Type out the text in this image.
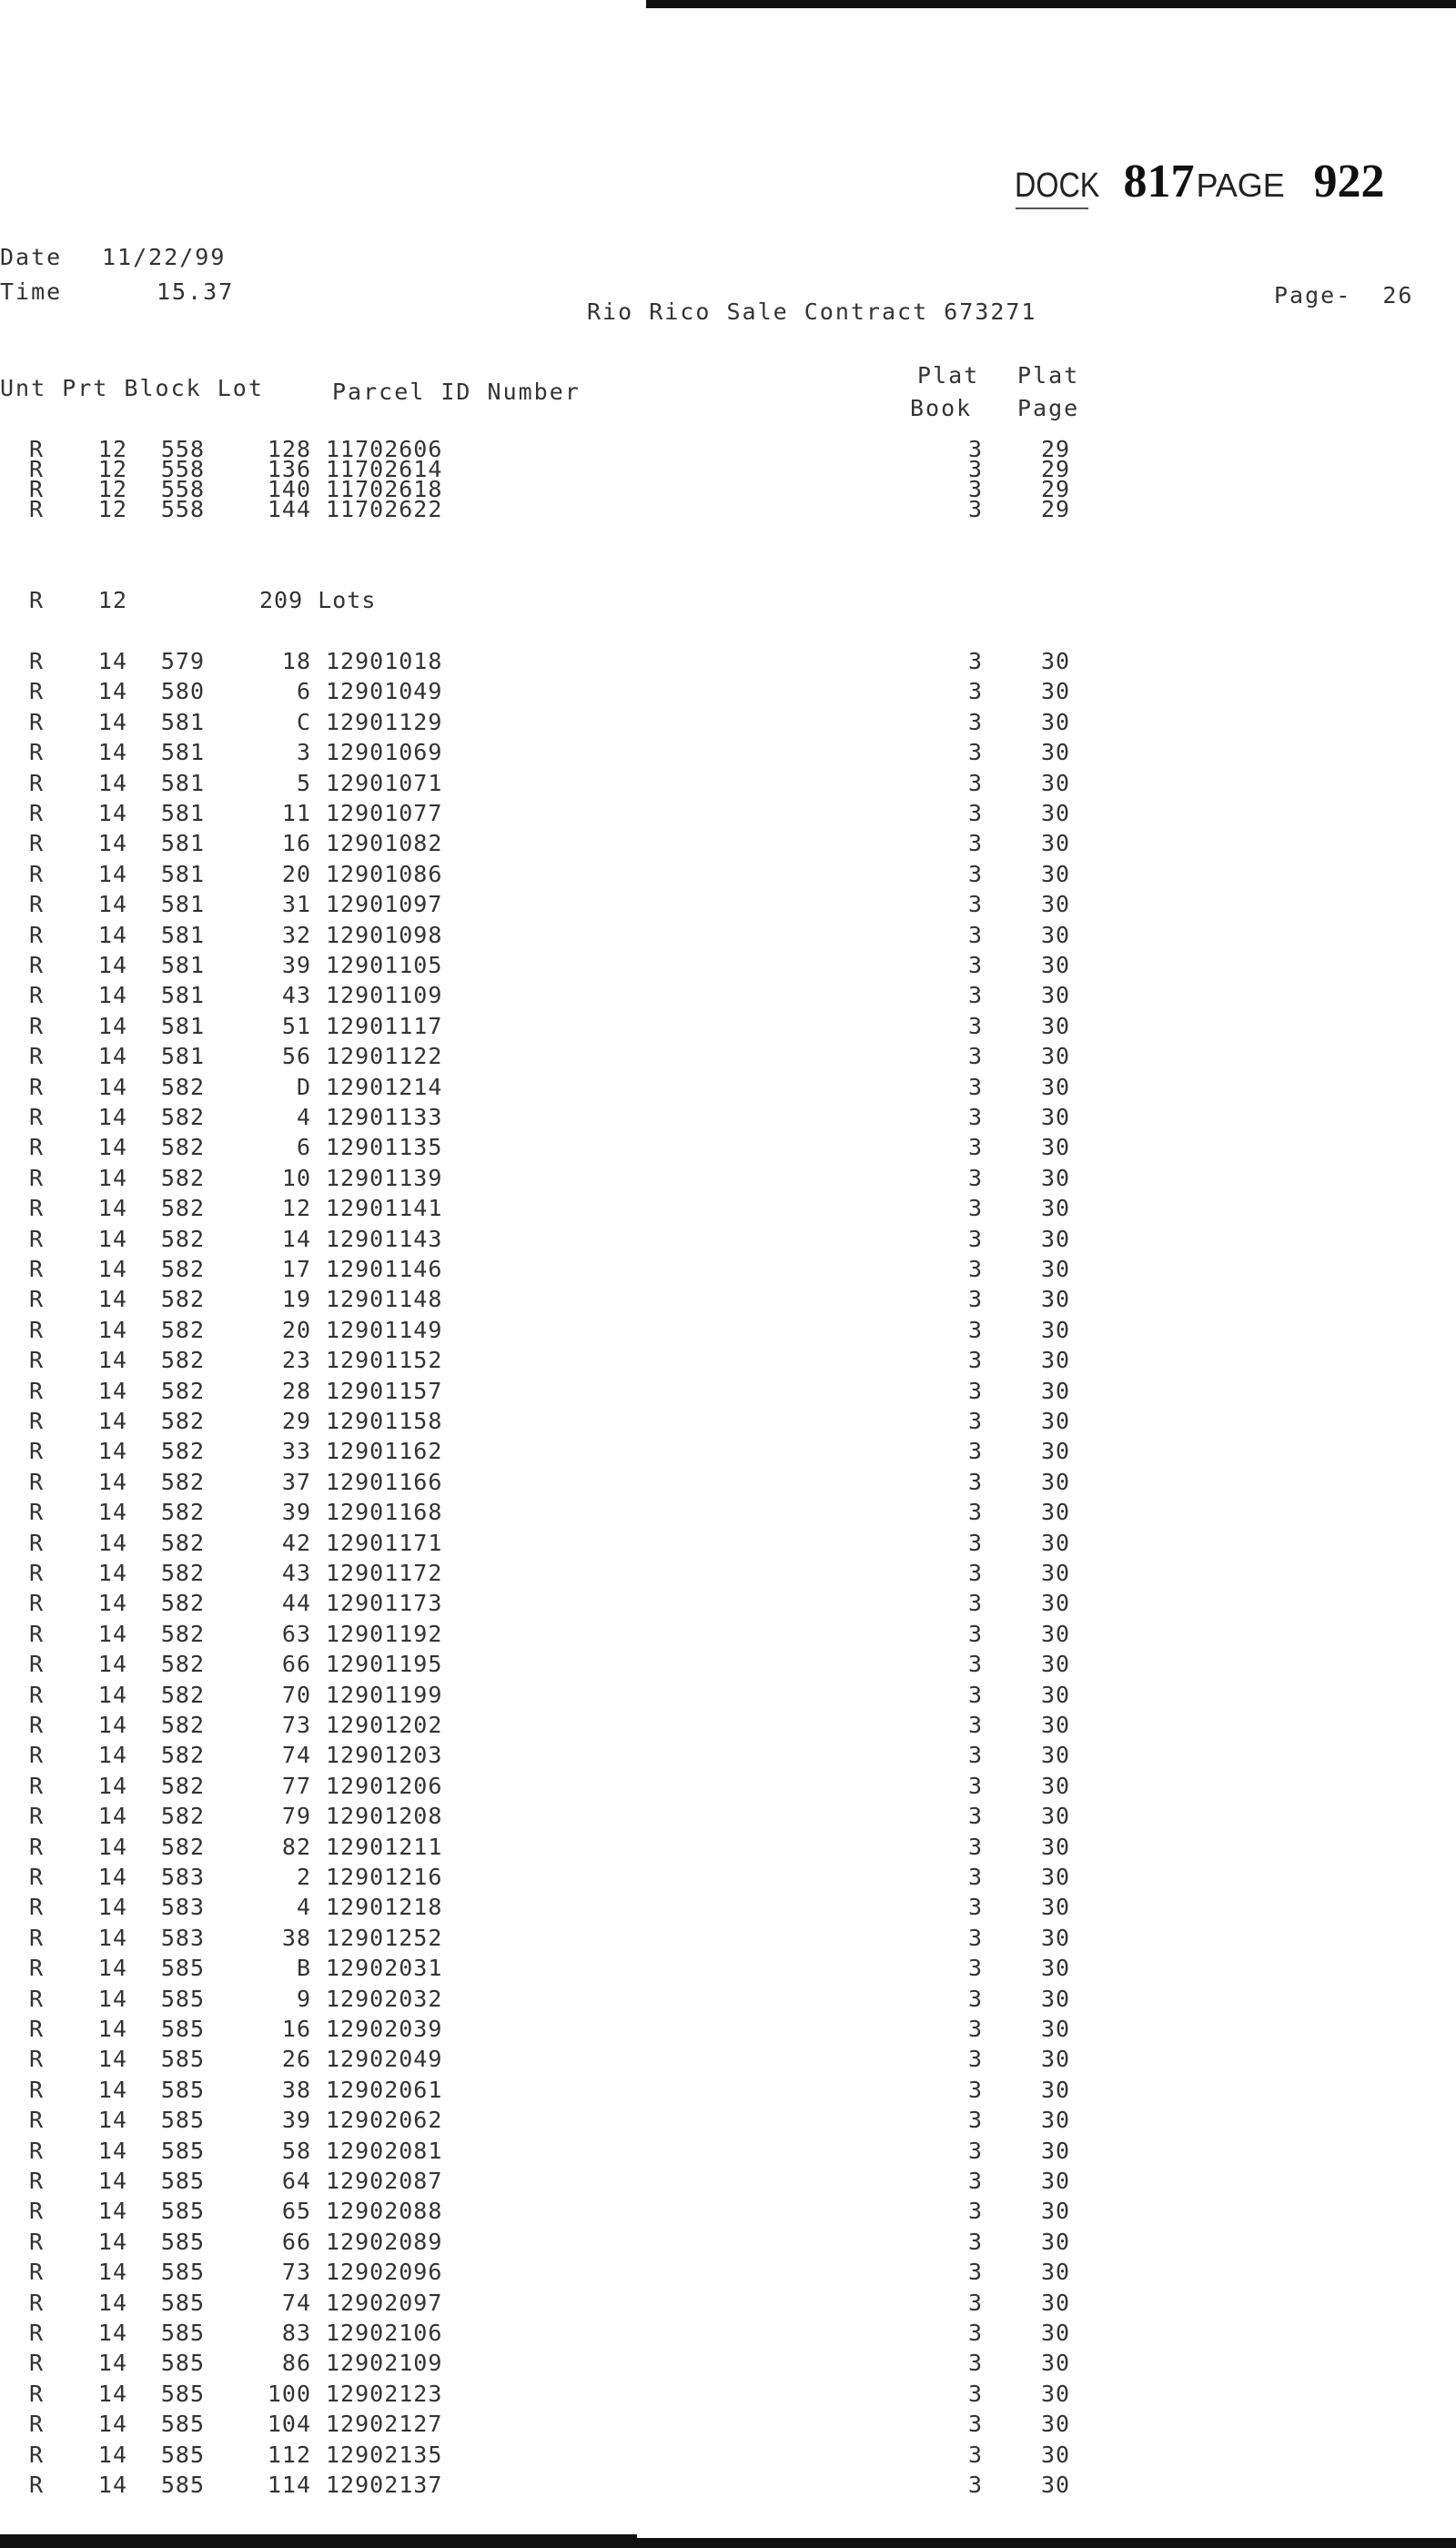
DOCK 817PAGE 922
Date 11/22/99
Time	15.37
Rio Rico Sale Contract 673271
Page-  26
Unt Prt Block Lot	Parcel ID Number
Plat
Book
Plat
Page
R	12	558	128 11702606	3	29
R	12	558	136 11702614	3	29
R	12	558	140 11702618	3	29
R	12	558	144 11702622	3	29
R	12	209 Lots
R	14	579	18 12901018	3	30
R	14	580	6 12901049	3	30
R	14	581	C 12901129	3	30
R	14	581	3 12901069	3	30
R	14	581	5 12901071	3	30
R	14	581	11 12901077	3	30
R	14	581	16 12901082	3	30
R	14	581	20 12901086	3	30
R	14	581	31 12901097	3	30
R	14	581	32 12901098	3	30
R	14	581	39 12901105	3	30
R	14	581	43 12901109	3	30
R	14	581	51 12901117	3	30
R	14	581	56 12901122	3	30
R	14	582	D 12901214	3	30
R	14	582	4 12901133	3	30
R	14	582	6 12901135	3	30
R	14	582	10 12901139	3	30
R	14	582	12 12901141	3	30
R	14	582	14 12901143	3	30
R	14	582	17 12901146	3	30
R	14	582	19 12901148	3	30
R	14	582	20 12901149	3	30
R	14	582	23 12901152	3	30
R	14	582	28 12901157	3	30
R	14	582	29 12901158	3	30
R	14	582	33 12901162	3	30
R	14	582	37 12901166	3	30
R	14	582	39 12901168	3	30
R	14	582	42 12901171	3	30
R	14	582	43 12901172	3	30
R	14	582	44 12901173	3	30
R	14	582	63 12901192	3	30
R	14	582	66 12901195	3	30
R	14	582	70 12901199	3	30
R	14	582	73 12901202	3	30
R	14	582	74 12901203	3	30
R	14	582	77 12901206	3	30
R	14	582	79 12901208	3	30
R	14	582	82 12901211	3	30
R	14	583	2 12901216	3	30
R	14	583	4 12901218	3	30
R	14	583	38 12901252	3	30
R	14	585	B 12902031	3	30
R	14	585	9 12902032	3	30
R	14	585	16 12902039	3	30
R	14	585	26 12902049	3	30
R	14	585	38 12902061	3	30
R	14	585	39 12902062	3	30
R	14	585	58 12902081	3	30
R	14	585	64 12902087	3	30
R	14	585	65 12902088	3	30
R	14	585	66 12902089	3	30
R	14	585	73 12902096	3	30
R	14	585	74 12902097	3	30
R	14	585	83 12902106	3	30
R	14	585	86 12902109	3	30
R	14	585	100 12902123	3	30
R	14	585	104 12902127	3	30
R	14	585	112 12902135	3	30
R	14	585	114 12902137	3	30
